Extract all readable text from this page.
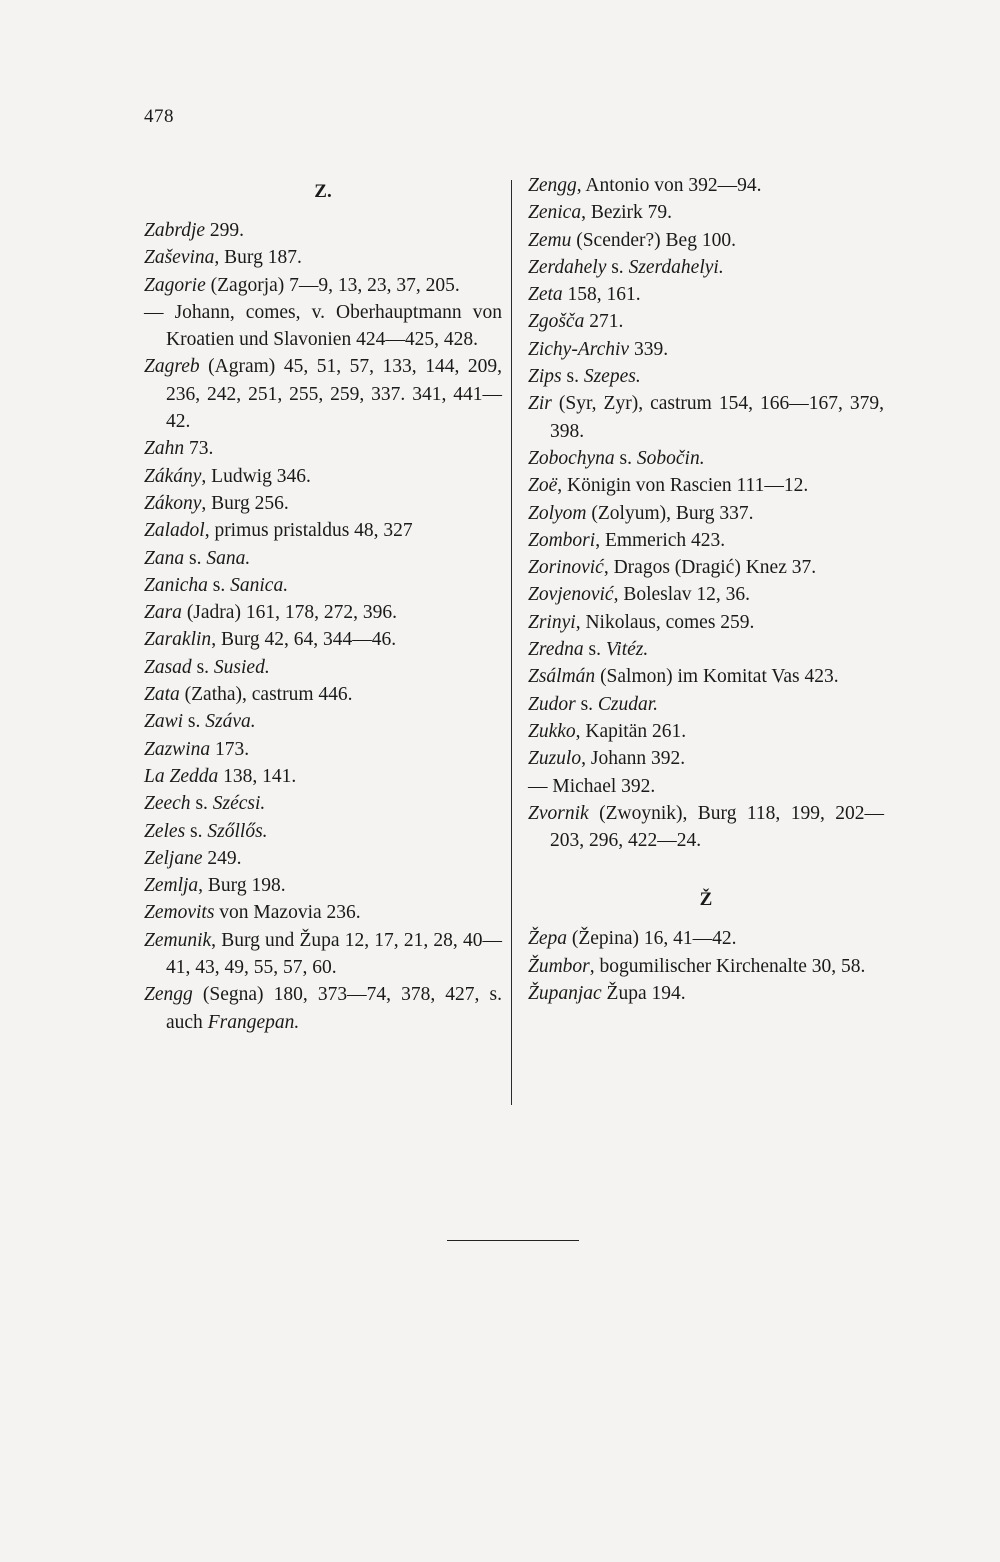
478
Z.
Zabrdje 299.
Zaševina, Burg 187.
Zagorie (Zagorja) 7—9, 13, 23, 37, 205.
— Johann, comes, v. Oberhauptmann von Kroatien und Slavonien 424—425, 428.
Zagreb (Agram) 45, 51, 57, 133, 144, 209, 236, 242, 251, 255, 259, 337. 341, 441—42.
Zahn 73.
Zákány, Ludwig 346.
Zákony, Burg 256.
Zaladol, primus pristaldus 48, 327
Zana s. Sana.
Zanicha s. Sanica.
Zara (Jadra) 161, 178, 272, 396.
Zaraklin, Burg 42, 64, 344—46.
Zasad s. Susied.
Zata (Zatha), castrum 446.
Zawi s. Száva.
Zazwina 173.
La Zedda 138, 141.
Zeech s. Szécsi.
Zeles s. Szőllős.
Zeljane 249.
Zemlja, Burg 198.
Zemovits von Mazovia 236.
Zemunik, Burg und Župa 12, 17, 21, 28, 40—41, 43, 49, 55, 57, 60.
Zengg (Segna) 180, 373—74, 378, 427, s. auch Frangepan.
Zengg, Antonio von 392—94.
Zenica, Bezirk 79.
Zemu (Scender?) Beg 100.
Zerdahely s. Szerdahelyi.
Zeta 158, 161.
Zgošča 271.
Zichy-Archiv 339.
Zips s. Szepes.
Zir (Syr, Zyr), castrum 154, 166—167, 379, 398.
Zobochyna s. Sobočin.
Zoë, Königin von Rascien 111—12.
Zolyom (Zolyum), Burg 337.
Zombori, Emmerich 423.
Zorinović, Dragos (Dragić) Knez 37.
Zovjenović, Boleslav 12, 36.
Zrinyi, Nikolaus, comes 259.
Zredna s. Vitéz.
Zsálmán (Salmon) im Komitat Vas 423.
Zudor s. Czudar.
Zukko, Kapitän 261.
Zuzulo, Johann 392.
— Michael 392.
Zvornik (Zwoynik), Burg 118, 199, 202—203, 296, 422—24.
Ž
Žepa (Žepina) 16, 41—42.
Žumbor, bogumilischer Kirchenalte 30, 58.
Županjac Župa 194.
